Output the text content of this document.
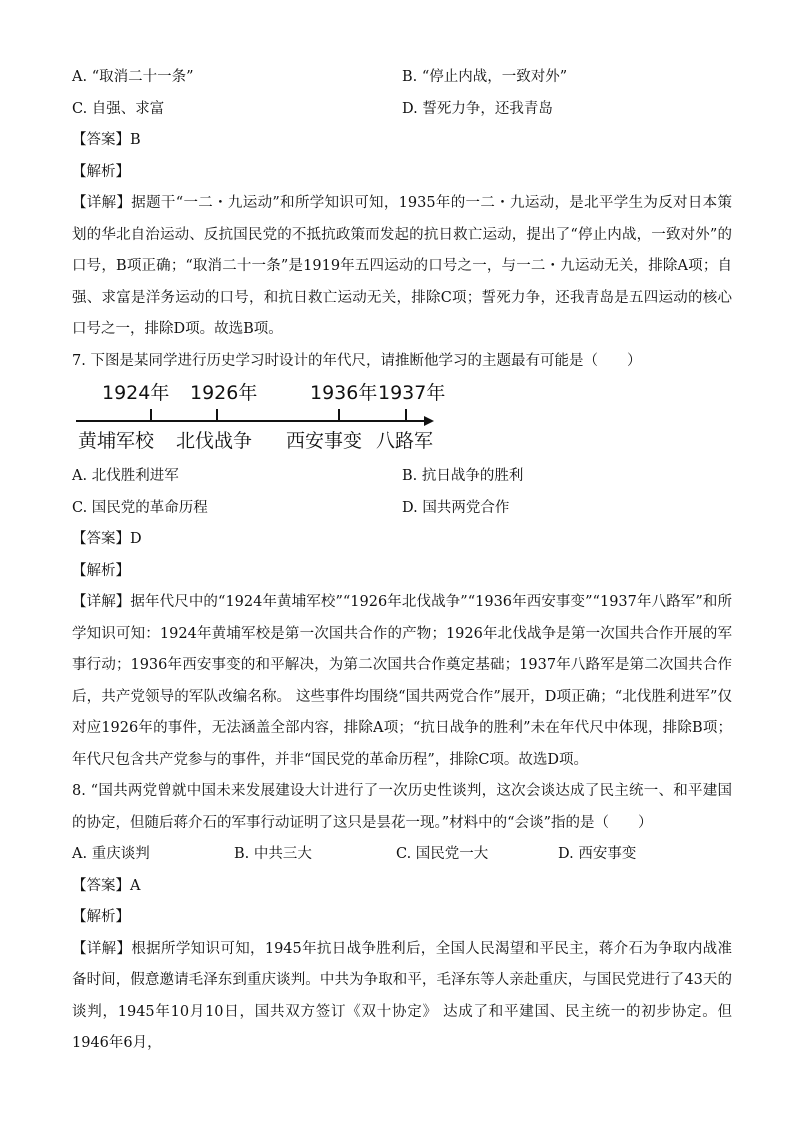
A. “取消二十一条”	B. “停止内战，一致对外”
C. 自强、求富	D. 誓死力争，还我青岛
【答案】B
【解析】
【详解】据题干“一二・九运动”和所学知识可知，1935年的一二・九运动，是北平学生为反对日本策划的华北自治运动、反抗国民党的不抵抗政策而发起的抗日救亡运动，提出了“停止内战，一致对外”的口号，B项正确；“取消二十一条”是1919年五四运动的口号之一，与一二・九运动无关，排除A项；自强、求富是洋务运动的口号，和抗日救亡运动无关，排除C项；誓死力争，还我青岛是五四运动的核心口号之一，排除D项。故选B项。
7. 下图是某同学进行历史学习时设计的年代尺，请推断他学习的主题最有可能是（　　）
1924年 1926年	1936年 1937年
黄埔军校 北伐战争 西安事变 八路军
A. 北伐胜利进军	B. 抗日战争的胜利
C. 国民党的革命历程	D. 国共两党合作
【答案】D
【解析】
【详解】据年代尺中的“1924年黄埔军校”“1926年北伐战争”“1936年西安事变”“1937年八路军”和所学知识可知：1924年黄埔军校是第一次国共合作的产物；1926年北伐战争是第一次国共合作开展的军事行动；1936年西安事变的和平解决，为第二次国共合作奠定基础；1937年八路军是第二次国共合作后，共产党领导的军队改编名称。 这些事件均围绕“国共两党合作”展开，D项正确；“北伐胜利进军”仅对应1926年的事件，无法涵盖全部内容，排除A项；“抗日战争的胜利”未在年代尺中体现，排除B项；年代尺包含共产党参与的事件，并非“国民党的革命历程”，排除C项。故选D项。
8. “国共两党曾就中国未来发展建设大计进行了一次历史性谈判，这次会谈达成了民主统一、和平建国的协定，但随后蒋介石的军事行动证明了这只是昙花一现。”材料中的“会谈”指的是（　　）
A. 重庆谈判	B. 中共三大	C. 国民党一大	D. 西安事变
【答案】A
【解析】
【详解】根据所学知识可知，1945年抗日战争胜利后，全国人民渴望和平民主，蒋介石为争取内战准备时间，假意邀请毛泽东到重庆谈判。中共为争取和平，毛泽东等人亲赴重庆，与国民党进行了43天的谈判，1945年10月10日，国共双方签订《双十协定》 达成了和平建国、民主统一的初步协定。但1946年6月，
